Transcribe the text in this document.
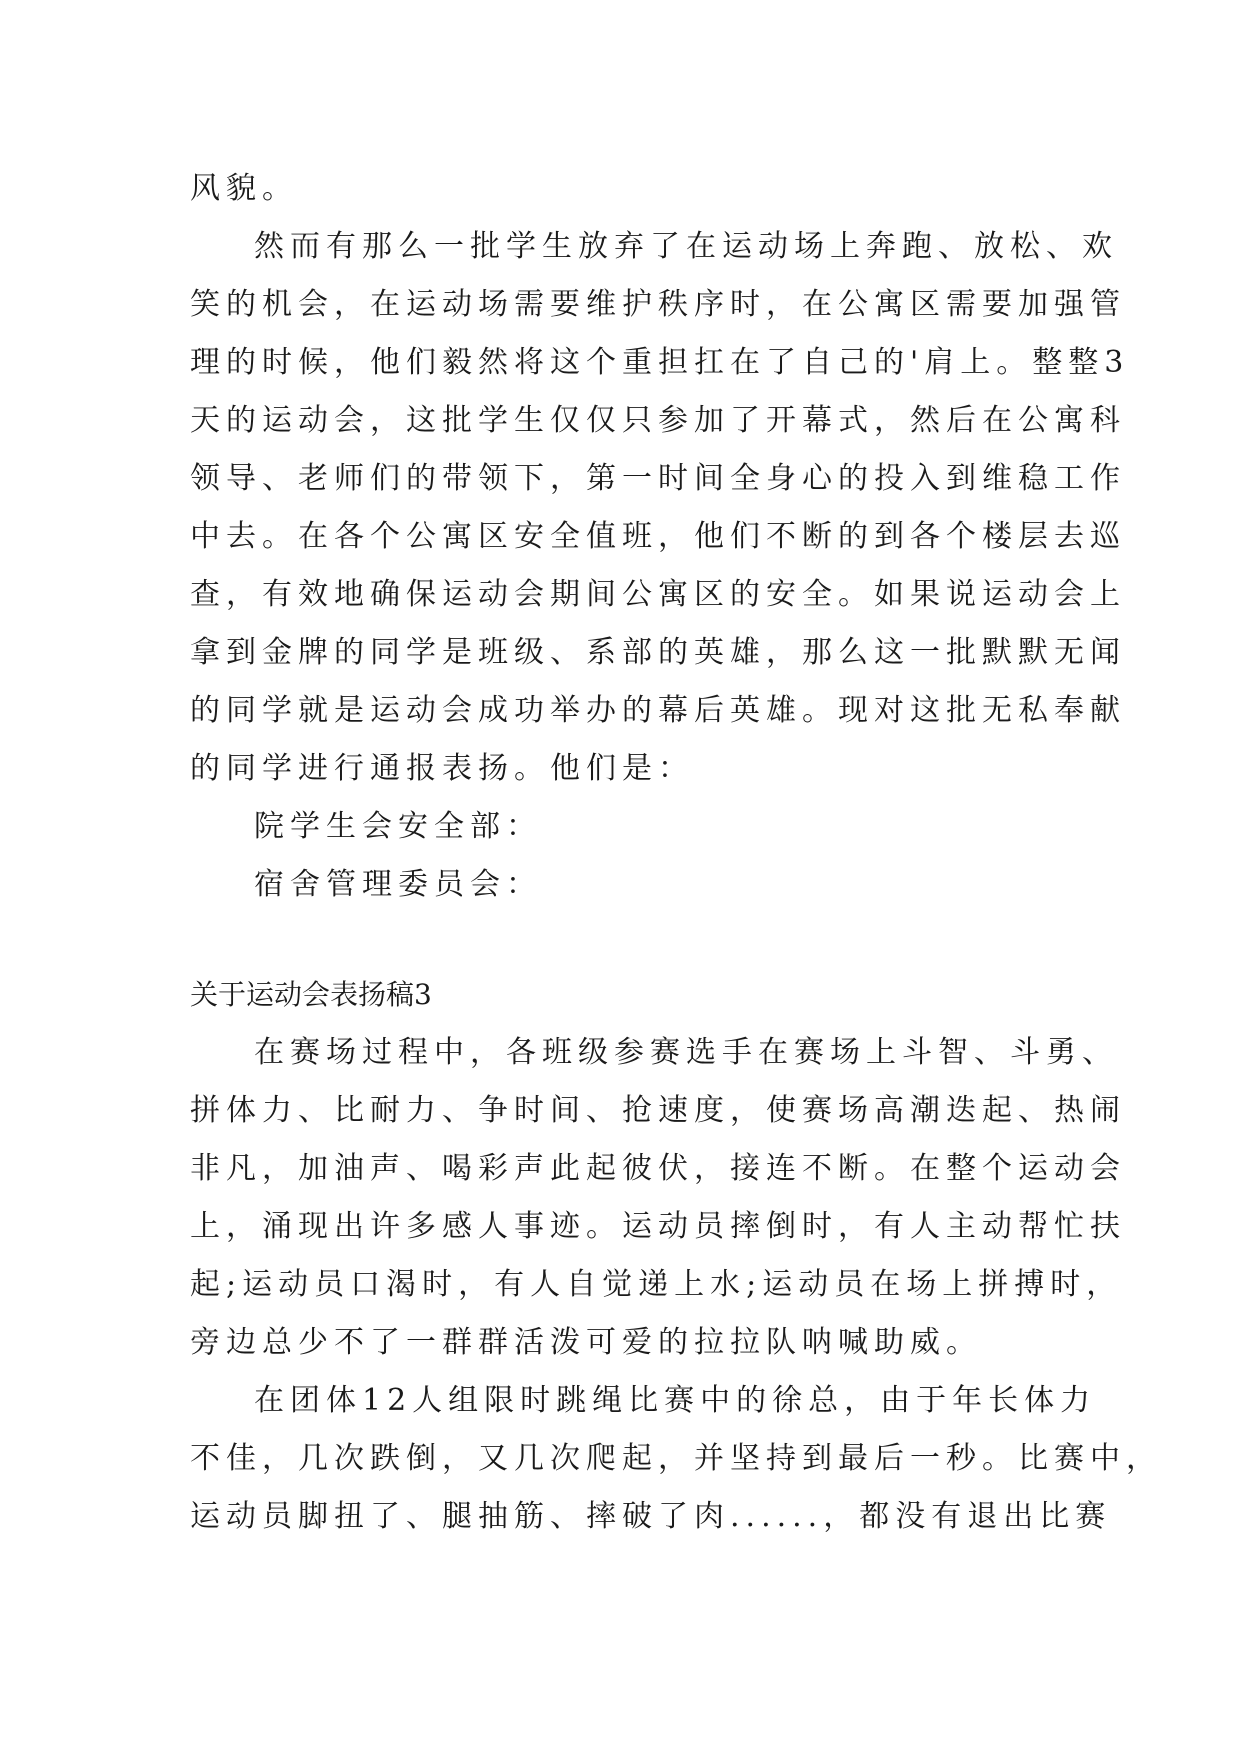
风貌。
然而有那么一批学生放弃了在运动场上奔跑、放松、欢
笑的机会，在运动场需要维护秩序时，在公寓区需要加强管
理的时候，他们毅然将这个重担扛在了自己的'肩上。整整3
天的运动会，这批学生仅仅只参加了开幕式，然后在公寓科
领导、老师们的带领下，第一时间全身心的投入到维稳工作
中去。在各个公寓区安全值班，他们不断的到各个楼层去巡
查，有效地确保运动会期间公寓区的安全。如果说运动会上
拿到金牌的同学是班级、系部的英雄，那么这一批默默无闻
的同学就是运动会成功举办的幕后英雄。现对这批无私奉献
的同学进行通报表扬。他们是：
院学生会安全部：
宿舍管理委员会：
关于运动会表扬稿3
在赛场过程中，各班级参赛选手在赛场上斗智、斗勇、
拼体力、比耐力、争时间、抢速度，使赛场高潮迭起、热闹
非凡，加油声、喝彩声此起彼伏，接连不断。在整个运动会
上，涌现出许多感人事迹。运动员摔倒时，有人主动帮忙扶
起;运动员口渴时，有人自觉递上水;运动员在场上拼搏时，
旁边总少不了一群群活泼可爱的拉拉队呐喊助威。
在团体12人组限时跳绳比赛中的徐总，由于年长体力
不佳，几次跌倒，又几次爬起，并坚持到最后一秒。比赛中，
运动员脚扭了、腿抽筋、摔破了肉......，都没有退出比赛
